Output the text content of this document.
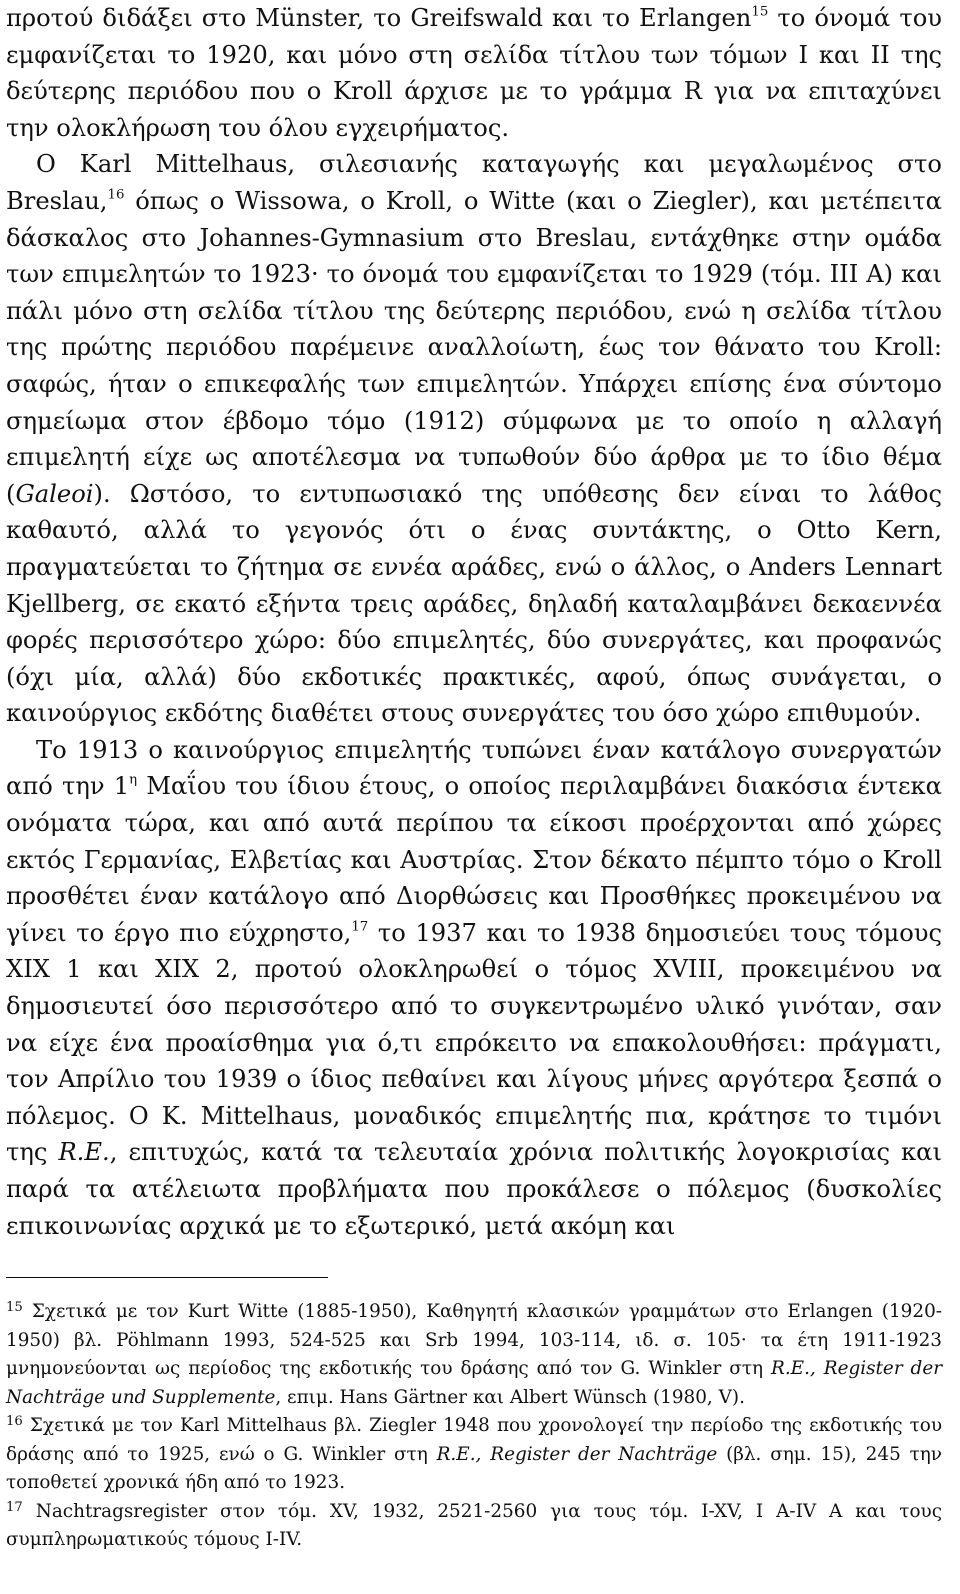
προτού διδάξει στο Münster, το Greifswald και το Erlangen$^{15}$ το όνομά του εμφανίζεται το 1920, και μόνο στη σελίδα τίτλου των τόμων I και II της δεύτερης περιόδου που ο Kroll άρχισε με το γράμμα R για να επιταχύνει την ολοκλήρωση του όλου εγχειρήματος.

Ο Karl Mittelhaus, σιλεσιανής καταγωγής και μεγαλωμένος στο Breslau,$^{16}$ όπως ο Wissowa, ο Kroll, ο Witte (και ο Ziegler), και μετέπειτα δάσκαλος στο Johannes-Gymnasium στο Breslau, εντάχθηκε στην ομάδα των επιμελητών το 1923· το όνομά του εμφανίζεται το 1929 (τόμ. III A) και πάλι μόνο στη σελίδα τίτλου της δεύτερης περιόδου, ενώ η σελίδα τίτλου της πρώτης περιόδου παρέμεινε αναλλοίωτη, έως τον θάνατο του Kroll: σαφώς, ήταν ο επικεφαλής των επιμελητών. Υπάρχει επίσης ένα σύντομο σημείωμα στον έβδομο τόμο (1912) σύμφωνα με το οποίο η αλλαγή επιμελητή είχε ως αποτέλεσμα να τυπωθούν δύο άρθρα με το ίδιο θέμα (Galeoi). Ωστόσο, το εντυπωσιακό της υπόθεσης δεν είναι το λάθος καθαυτό, αλλά το γεγονός ότι ο ένας συντάκτης, ο Otto Kern, πραγματεύεται το ζήτημα σε εννέα αράδες, ενώ ο άλλος, ο Anders Lennart Kjellberg, σε εκατό εξήντα τρεις αράδες, δηλαδή καταλαμβάνει δεκαεννέα φορές περισσότερο χώρο: δύο επιμελητές, δύο συνεργάτες, και προφανώς (όχι μία, αλλά) δύο εκδοτικές πρακτικές, αφού, όπως συνάγεται, ο καινούργιος εκδότης διαθέτει στους συνεργάτες του όσο χώρο επιθυμούν.

Το 1913 ο καινούργιος επιμελητής τυπώνει έναν κατάλογο συνεργατών από την $1^\eta$ Μαΐου του ίδιου έτους, ο οποίος περιλαμβάνει διακόσια έντεκα ονόματα τώρα, και από αυτά περίπου τα είκοσι προέρχονται από χώρες εκτός Γερμανίας, Ελβετίας και Αυστρίας. Στον δέκατο πέμπτο τόμο ο Kroll προσθέτει έναν κατάλογο από Διορθώσεις και Προσθήκες προκειμένου να γίνει το έργο πιο εύχρηστο,$^{17}$ το 1937 και το 1938 δημοσιεύει τους τόμους XIX 1 και XIX 2, προτού ολοκληρωθεί ο τόμος XVIII, προκειμένου να δημοσιευτεί όσο περισσότερο από το συγκεντρωμένο υλικό γινόταν, σαν να είχε ένα προαίσθημα για ό,τι επρόκειτο να επακολουθήσει: πράγματι, τον Απρίλιο του 1939 ο ίδιος πεθαίνει και λίγους μήνες αργότερα ξεσπά ο πόλεμος. Ο K. Mittelhaus, μοναδικός επιμελητής πια, κράτησε το τιμόνι της R.E., επιτυχώς, κατά τα τελευταία χρόνια πολιτικής λογοκρισίας και παρά τα ατέλειωτα προβλήματα που προκάλεσε ο πόλεμος (δυσκολίες επικοινωνίας αρχικά με το εξωτερικό, μετά ακόμη και

$^{15}$ Σχετικά με τον Kurt Witte (1885-1950), Καθηγητή κλασικών γραμμάτων στο Erlangen (1920-1950) βλ. Pöhlmann 1993, 524-525 και Srb 1994, 103-114, ιδ. σ. 105· τα έτη 1911-1923 μνημονεύονται ως περίοδος της εκδοτικής του δράσης από τον G. Winkler στη R.E., Register der Nachträge und Supplemente, επιμ. Hans Gärtner και Albert Wünsch (1980, V).

$^{16}$ Σχετικά με τον Karl Mittelhaus βλ. Ziegler 1948 που χρονολογεί την περίοδο της εκδοτικής του δράσης από το 1925, ενώ ο G. Winkler στη R.E., Register der Nachträge (βλ. σημ. 15), 245 την τοποθετεί χρονικά ήδη από το 1923.

$^{17}$ Nachtragsregister στον τόμ. XV, 1932, 2521-2560 για τους τόμ. I-XV, I A-IV A και τους συμπληρωματικούς τόμους I-IV.
